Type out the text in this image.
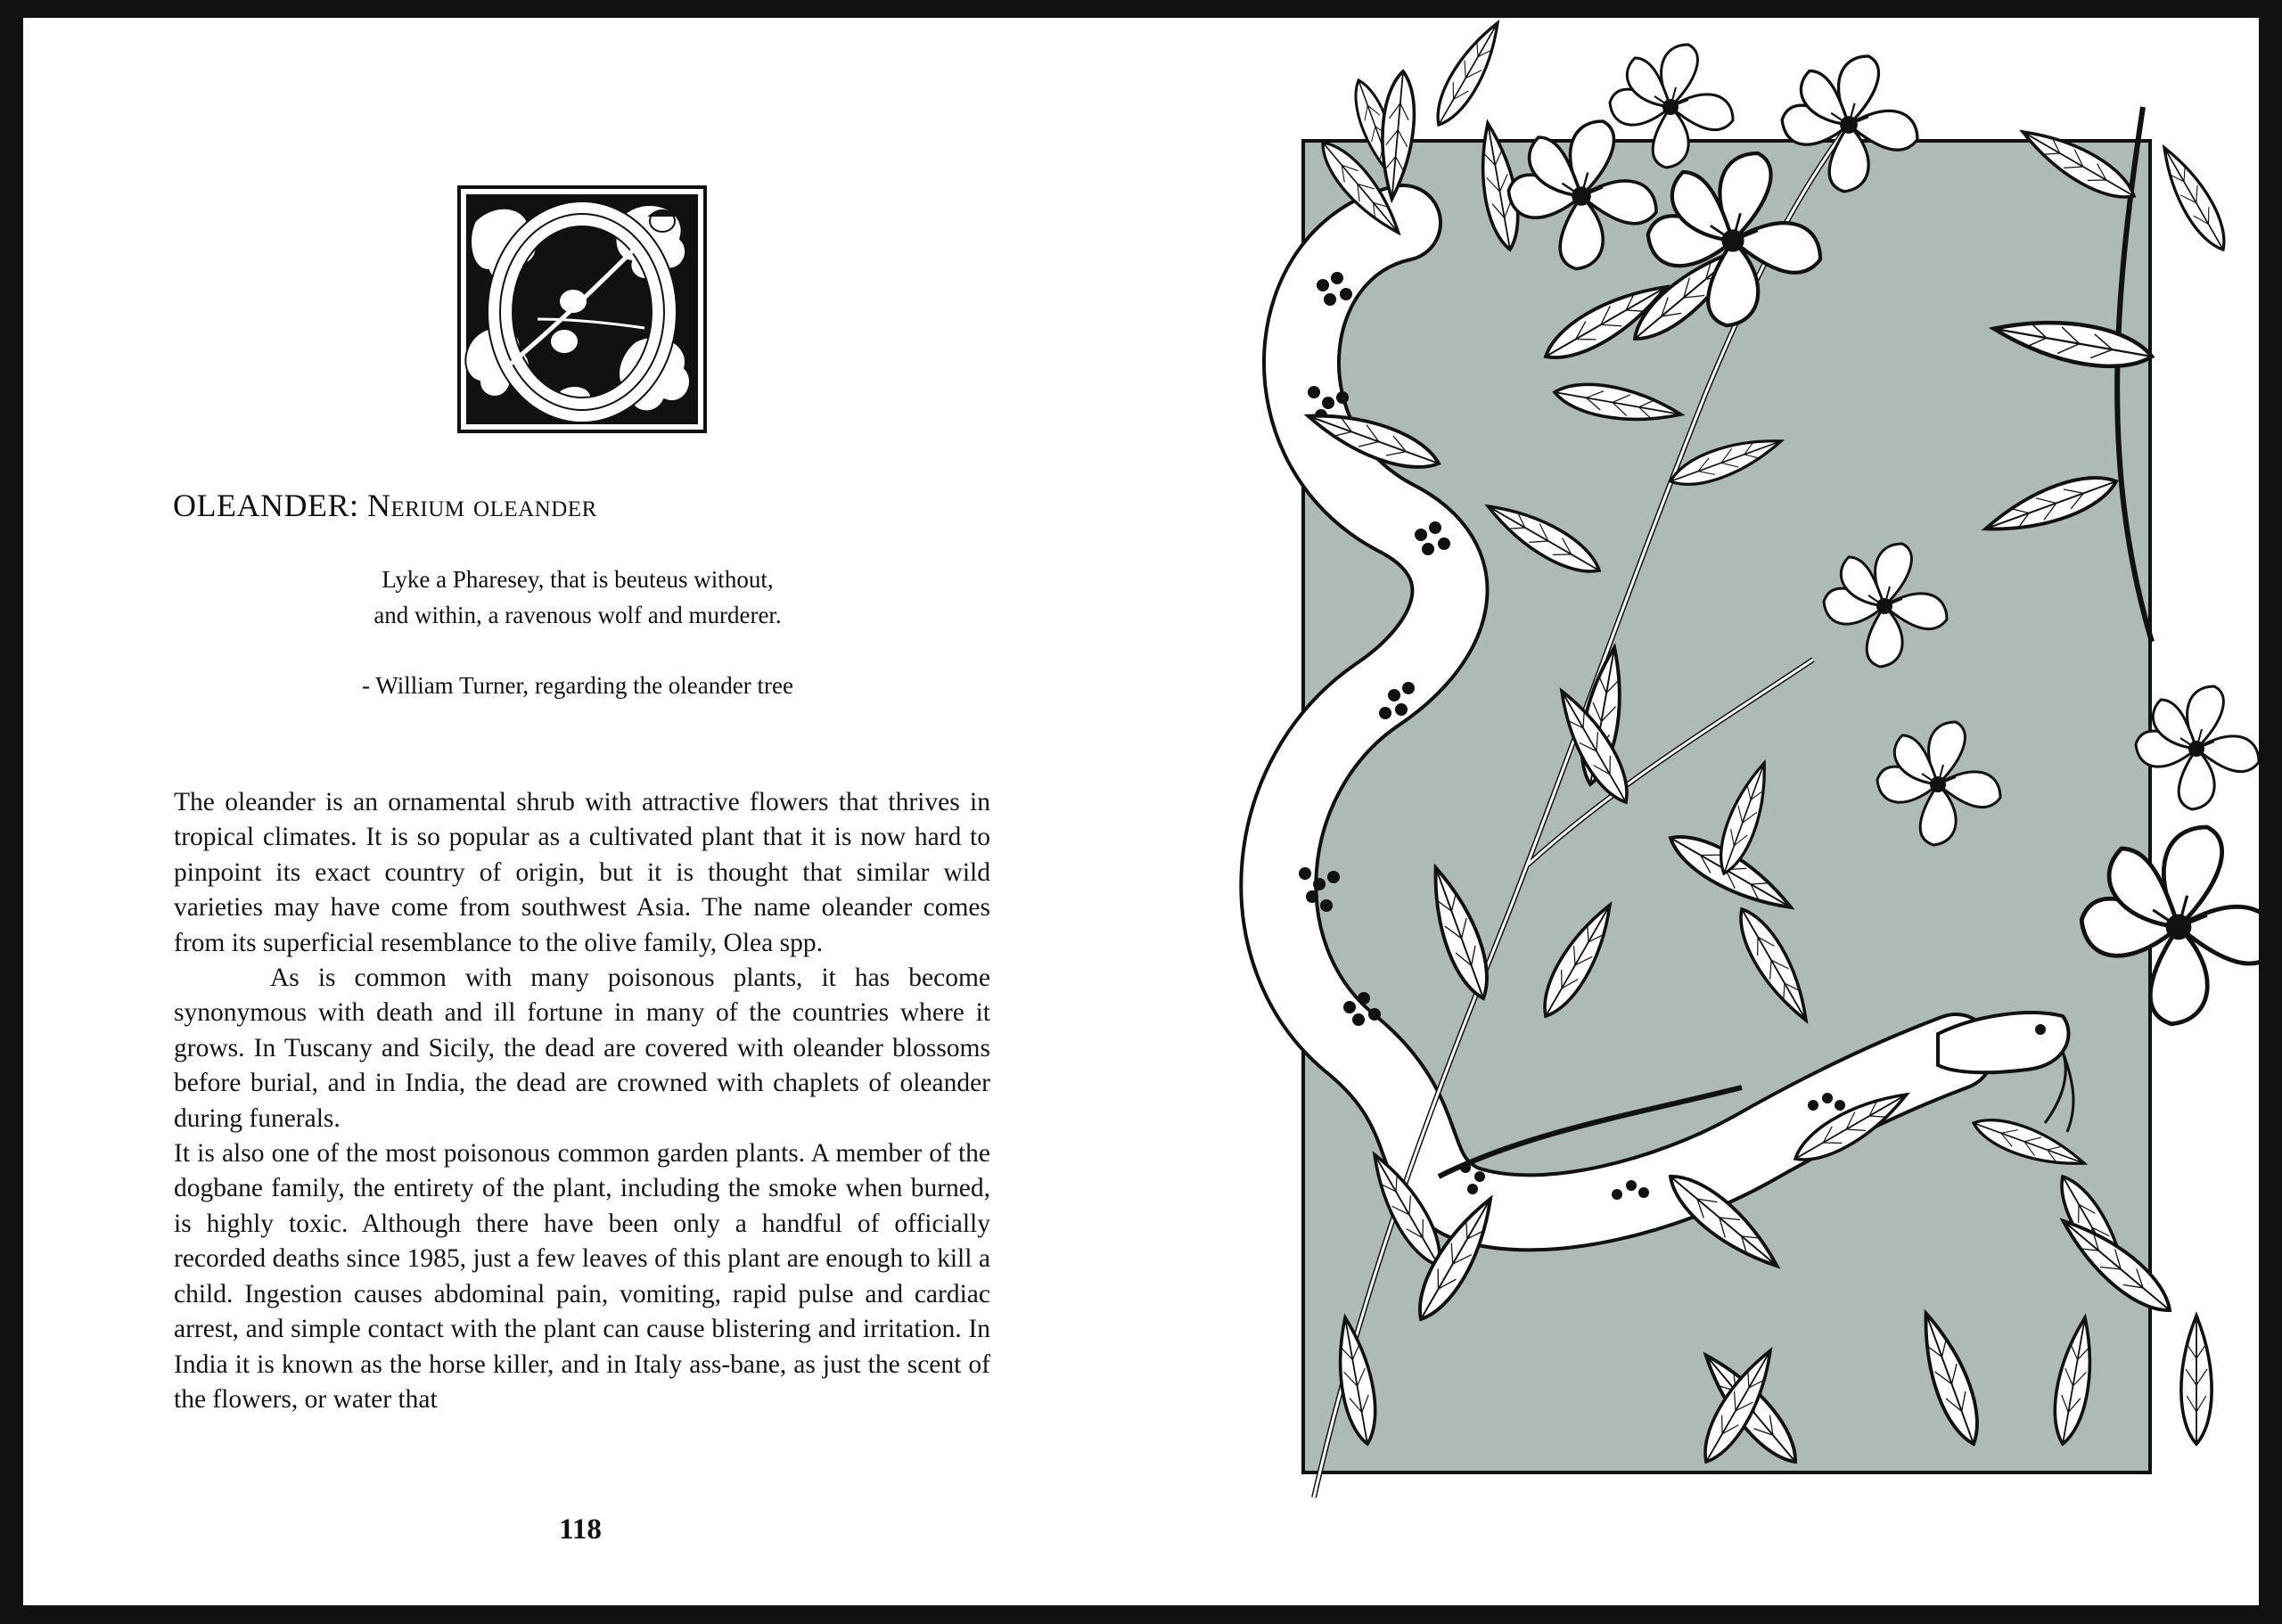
OLEANDER: Nerium oleander
Lyke a Pharesey, that is beuteus without,
and within, a ravenous wolf and murderer.
- William Turner, regarding the oleander tree

The oleander is an ornamental shrub with attractive flowers that thrives in tropical climates. It is so popular as a cultivated plant that it is now hard to pinpoint its exact country of origin, but it is thought that similar wild varieties may have come from southwest Asia. The name oleander comes from its superficial resemblance to the olive family, Olea spp.

As is common with many poisonous plants, it has become synonymous with death and ill fortune in many of the countries where it grows. In Tuscany and Sicily, the dead are covered with oleander blossoms before burial, and in India, the dead are crowned with chaplets of oleander during funerals.

It is also one of the most poisonous common garden plants. A member of the dogbane family, the entirety of the plant, including the smoke when burned, is highly toxic. Although there have been only a handful of officially recorded deaths since 1985, just a few leaves of this plant are enough to kill a child. Ingestion causes abdominal pain, vomiting, rapid pulse and cardiac arrest, and simple contact with the plant can cause blistering and irritation. In India it is known as the horse killer, and in Italy ass-bane, as just the scent of the flowers, or water that

118
